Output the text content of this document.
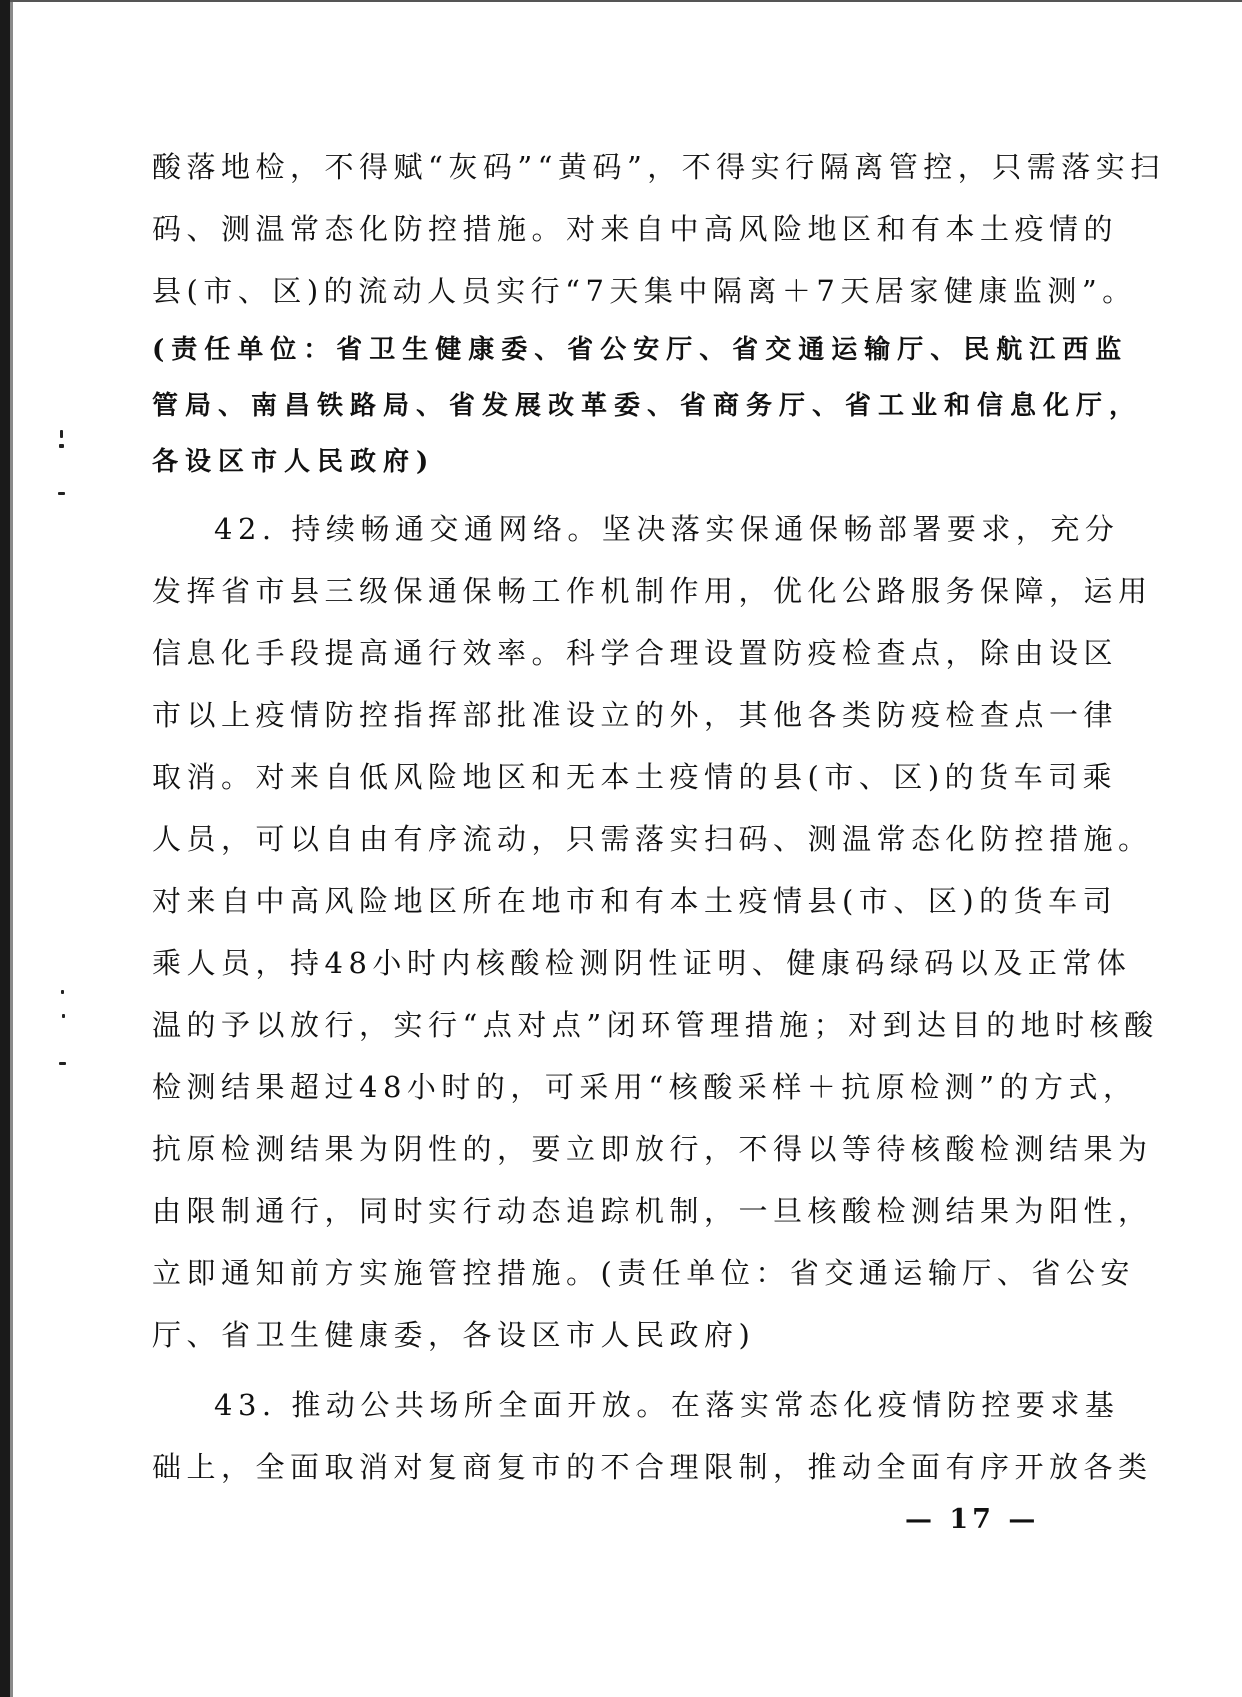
酸落地检，不得赋“灰码”“黄码”，不得实行隔离管控，只需落实扫
码、测温常态化防控措施。对来自中高风险地区和有本土疫情的
县(市、区)的流动人员实行“7天集中隔离＋7天居家健康监测”。
(责任单位：省卫生健康委、省公安厅、省交通运输厅、民航江西监
管局、南昌铁路局、省发展改革委、省商务厅、省工业和信息化厅，
各设区市人民政府)
42. 持续畅通交通网络。坚决落实保通保畅部署要求，充分
发挥省市县三级保通保畅工作机制作用，优化公路服务保障，运用
信息化手段提高通行效率。科学合理设置防疫检查点，除由设区
市以上疫情防控指挥部批准设立的外，其他各类防疫检查点一律
取消。对来自低风险地区和无本土疫情的县(市、区)的货车司乘
人员，可以自由有序流动，只需落实扫码、测温常态化防控措施。
对来自中高风险地区所在地市和有本土疫情县(市、区)的货车司
乘人员，持48小时内核酸检测阴性证明、健康码绿码以及正常体
温的予以放行，实行“点对点”闭环管理措施；对到达目的地时核酸
检测结果超过48小时的，可采用“核酸采样＋抗原检测”的方式，
抗原检测结果为阴性的，要立即放行，不得以等待核酸检测结果为
由限制通行，同时实行动态追踪机制，一旦核酸检测结果为阳性，
立即通知前方实施管控措施。(责任单位：省交通运输厅、省公安
厅、省卫生健康委，各设区市人民政府)
43. 推动公共场所全面开放。在落实常态化疫情防控要求基
础上，全面取消对复商复市的不合理限制，推动全面有序开放各类
— 17 —
